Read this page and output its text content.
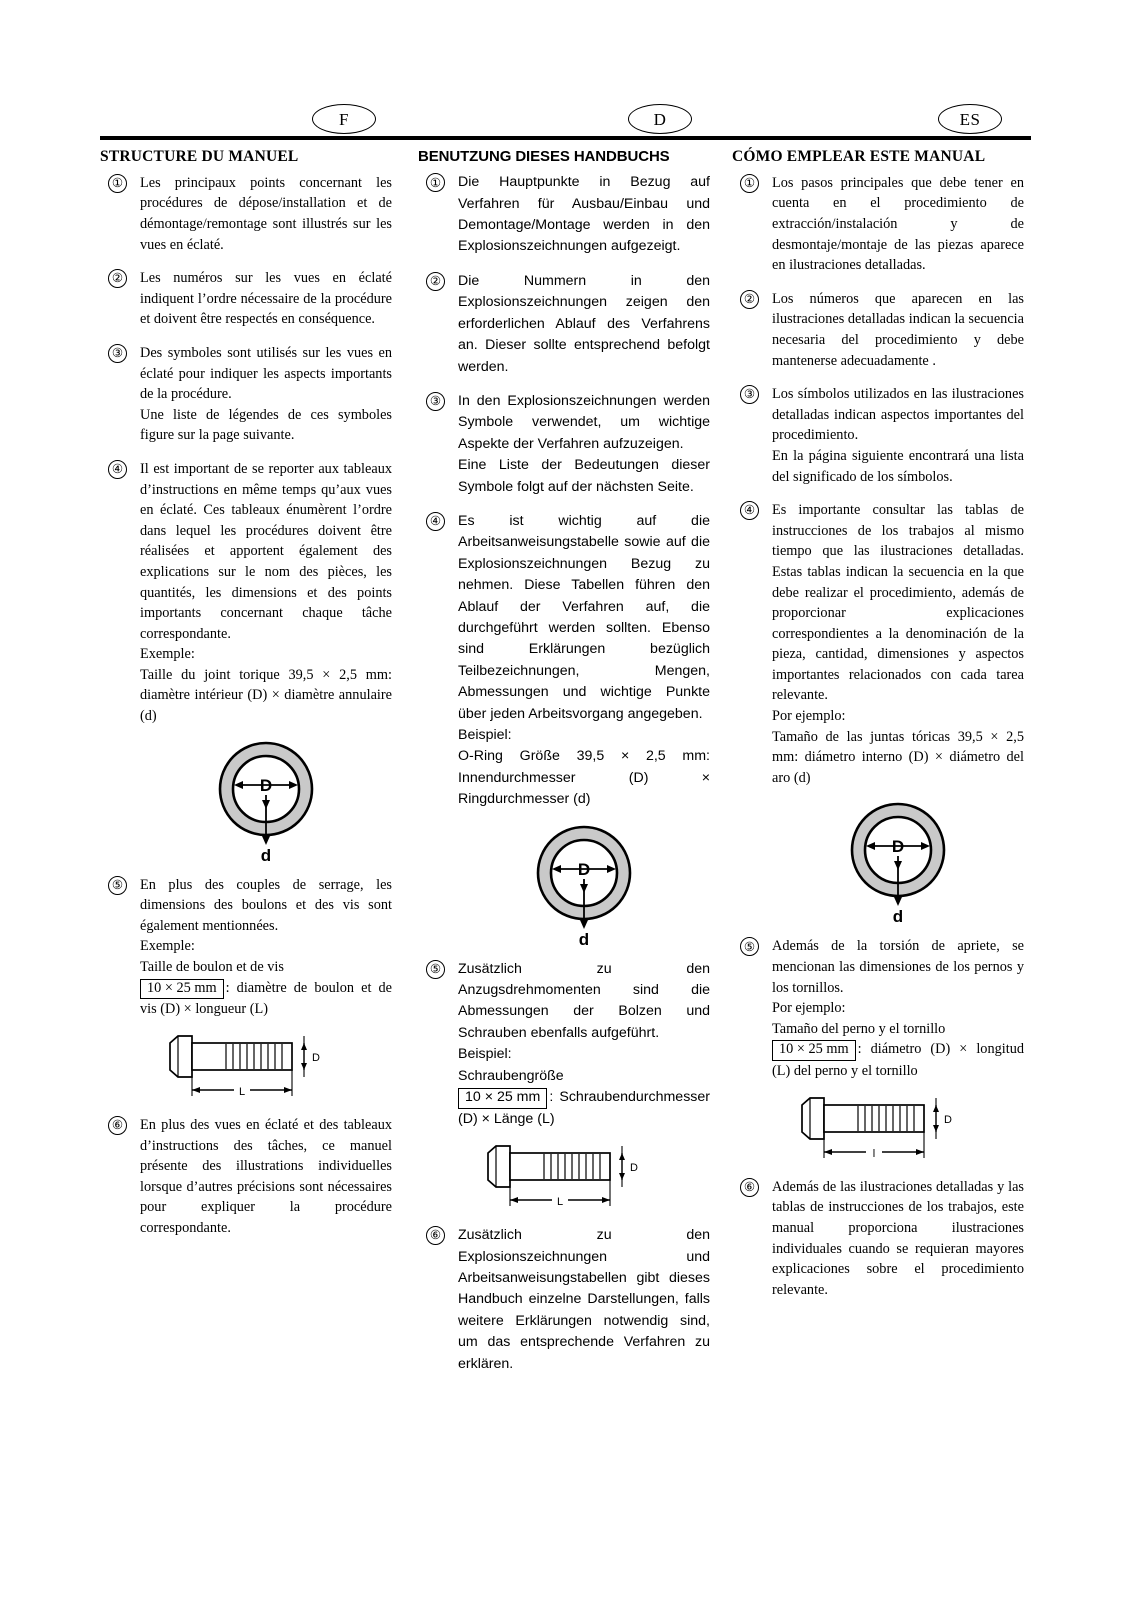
F	D	ES
STRUCTURE DU MANUEL
① Les principaux points concernant les procédures de dépose/installation et de démontage/remontage sont illustrés sur les vues en éclaté.

② Les numéros sur les vues en éclaté indiquent l’ordre nécessaire de la procédure et doivent être respectés en conséquence.

③ Des symboles sont utilisés sur les vues en éclaté pour indiquer les aspects importants de la procédure.

Une liste de légendes de ces symboles figure sur la page suivante.

④ Il est important de se reporter aux tableaux d’instructions en même temps qu’aux vues en éclaté. Ces tableaux énumèrent l’ordre dans lequel les procédures doivent être réalisées et apportent également des explications sur le nom des pièces, les quantités, les dimensions et des points importants concernant chaque tâche correspondante.

Exemple:

Taille du joint torique 39,5 × 2,5 mm: diamètre intérieur (D) × diamètre annulaire (d)

D
d
⑤ En plus des couples de serrage, les dimensions des boulons et des vis sont également mentionnées.

Exemple:

Taille de boulon et de vis

10 × 25 mm : diamètre de boulon et de vis (D) × longueur (L)

D
L
⑥ En plus des vues en éclaté et des tableaux d’instructions des tâches, ce manuel présente des illustrations individuelles lorsque d’autres précisions sont nécessaires pour expliquer la procédure correspondante.

BENUTZUNG DIESES HANDBUCHS
① Die Hauptpunkte in Bezug auf Verfahren für Ausbau/Einbau und Demontage/Montage werden in den Explosionszeichnungen aufgezeigt.

② Die Nummern in den Explosionszeichnungen zeigen den erforderlichen Ablauf des Verfahrens an. Dieser sollte entsprechend befolgt werden.

③ In den Explosionszeichnungen werden Symbole verwendet, um wichtige Aspekte der Verfahren aufzuzeigen.

Eine Liste der Bedeutungen dieser Symbole folgt auf der nächsten Seite.

④ Es ist wichtig auf die Arbeitsanweisungstabelle sowie auf die Explosionszeichnungen Bezug zu nehmen. Diese Tabellen führen den Ablauf der Verfahren auf, die durchgeführt werden sollten. Ebenso sind Erklärungen bezüglich Teilbezeichnungen, Mengen, Abmessungen und wichtige Punkte über jeden Arbeitsvorgang angegeben.

Beispiel:

O-Ring Größe 39,5 × 2,5 mm: Innendurchmesser (D) × Ringdurchmesser (d)

D
d
⑤ Zusätzlich zu den Anzugsdrehmomenten sind die Abmessungen der Bolzen und Schrauben ebenfalls aufgeführt.

Beispiel:

Schraubengröße

10 × 25 mm : Schraubendurchmesser (D) × Länge (L)

D
L
⑥ Zusätzlich zu den Explosionszeichnungen und Arbeitsanweisungstabellen gibt dieses Handbuch einzelne Darstellungen, falls weitere Erklärungen notwendig sind, um das entsprechende Verfahren zu erklären.

CÓMO EMPLEAR ESTE MANUAL
① Los pasos principales que debe tener en cuenta en el procedimiento de extracción/instalación y de desmontaje/montaje de las piezas aparece en ilustraciones detalladas.

② Los números que aparecen en las ilustraciones detalladas indican la secuencia necesaria del procedimiento y debe mantenerse adecuadamente .

③ Los símbolos utilizados en las ilustraciones detalladas indican aspectos importantes del procedimiento.

En la página siguiente encontrará una lista del significado de los símbolos.

④ Es importante consultar las tablas de instrucciones de los trabajos al mismo tiempo que las ilustraciones detalladas. Estas tablas indican la secuencia en la que debe realizar el procedimiento, además de proporcionar explicaciones correspondientes a la denominación de la pieza, cantidad, dimensiones y aspectos importantes relacionados con cada tarea relevante.

Por ejemplo:

Tamaño de las juntas tóricas 39,5 × 2,5 mm: diámetro interno (D) × diámetro del aro (d)

D
d
⑤ Además de la torsión de apriete, se mencionan las dimensiones de los pernos y los tornillos.

Por ejemplo:

Tamaño del perno y el tornillo

10 × 25 mm : diámetro (D) × longitud (L) del perno y el tornillo

D
l
⑥ Además de las ilustraciones detalladas y las tablas de instrucciones de los trabajos, este manual proporciona ilustraciones individuales cuando se requieran mayores explicaciones sobre el procedimiento relevante.
